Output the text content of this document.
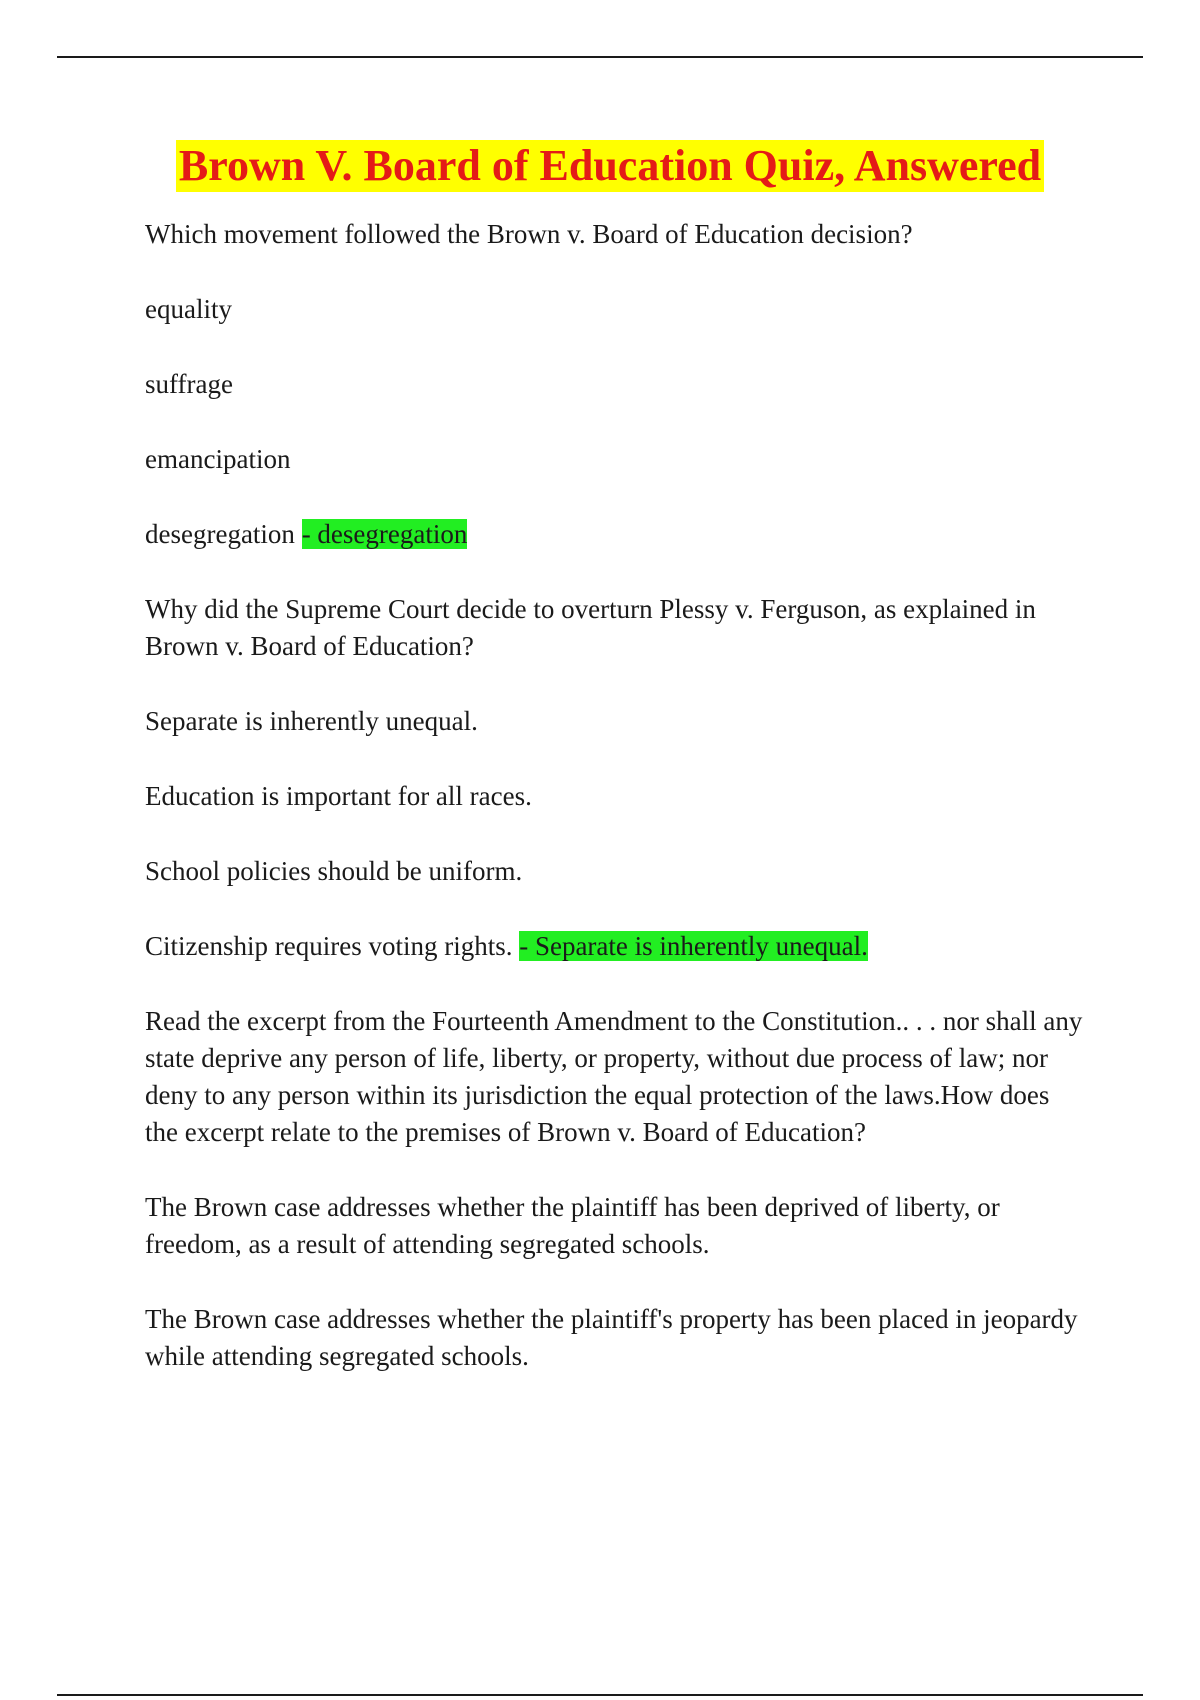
Brown V. Board of Education Quiz, Answered

Which movement followed the Brown v. Board of Education decision?

equality

suffrage

emancipation

desegregation - desegregation

Why did the Supreme Court decide to overturn Plessy v. Ferguson, as explained in Brown v. Board of Education?

Separate is inherently unequal.

Education is important for all races.

School policies should be uniform.

Citizenship requires voting rights. - Separate is inherently unequal.

Read the excerpt from the Fourteenth Amendment to the Constitution.. . . nor shall any state deprive any person of life, liberty, or property, without due process of law; nor deny to any person within its jurisdiction the equal protection of the laws.How does the excerpt relate to the premises of Brown v. Board of Education?

The Brown case addresses whether the plaintiff has been deprived of liberty, or freedom, as a result of attending segregated schools.

The Brown case addresses whether the plaintiff's property has been placed in jeopardy while attending segregated schools.
